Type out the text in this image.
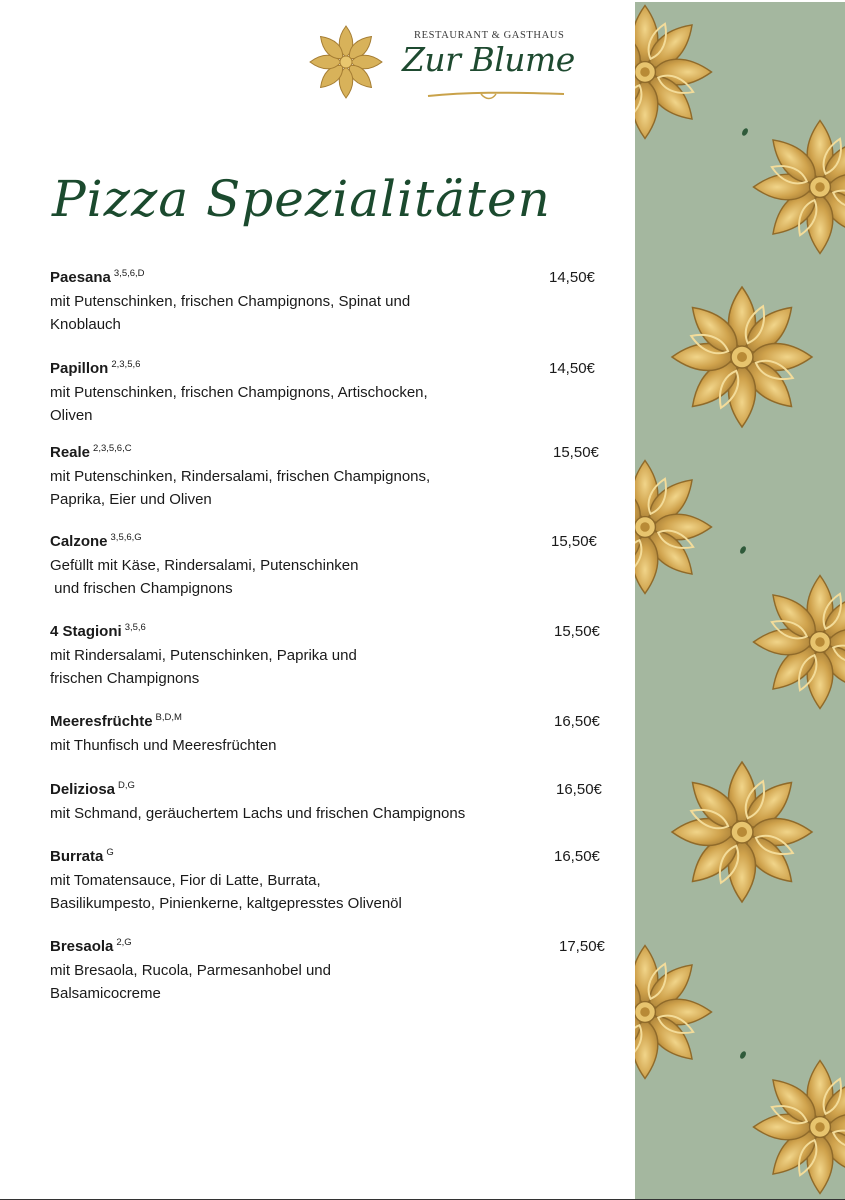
RESTAURANT & GASTHAUS
Zur Blume
Pizza Spezialitäten
Paesana $^{3,5,6,D}$	14,50€
mit Putenschinken, frischen Champignons, Spinat und
Knoblauch
Papillon $^{2,3,5,6}$	14,50€
mit Putenschinken, frischen Champignons, Artischocken,
Oliven
Reale $^{2,3,5,6,C}$	15,50€
mit Putenschinken, Rindersalami, frischen Champignons,
Paprika, Eier und Oliven
Calzone $^{3,5,6,G}$	15,50€
Gefüllt mit Käse, Rindersalami, Putenschinken
und frischen Champignons
4 Stagioni $^{3,5,6}$	15,50€
mit Rindersalami, Putenschinken, Paprika und
frischen Champignons
Meeresfrüchte $^{B,D,M}$	16,50€
mit Thunfisch und Meeresfrüchten
Deliziosa $^{D,G}$	16,50€
mit Schmand, geräuchertem Lachs und frischen Champignons
Burrata $^G$	16,50€
mit Tomatensauce, Fior di Latte, Burrata,
Basilikumpesto, Pinienkerne, kaltgepresstes Olivenöl
Bresaola $^{2,G}$	17,50€
mit Bresaola, Rucola, Parmesanhobel und
Balsamicocreme
